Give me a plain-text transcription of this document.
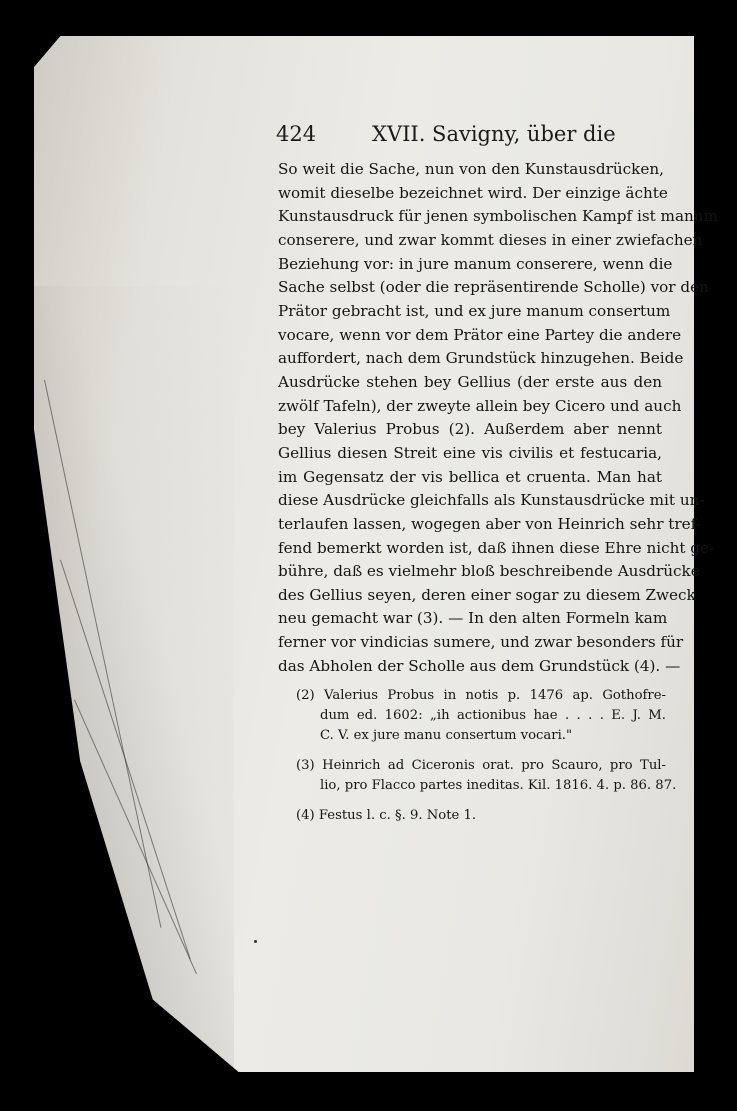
424	XVII. Savigny, über die
So weit die Sache, nun von den Kunstausdrücken,
womit dieselbe bezeichnet wird. Der einzige ächte
Kunstausdruck für jenen symbolischen Kampf ist manum
conserere, und zwar kommt dieses in einer zwiefachen
Beziehung vor: in jure manum conserere, wenn die
Sache selbst (oder die repräsentirende Scholle) vor den
Prätor gebracht ist, und ex jure manum consertum
vocare, wenn vor dem Prätor eine Partey die andere
auffordert, nach dem Grundstück hinzugehen. Beide
Ausdrücke stehen bey Gellius (der erste aus den
zwölf Tafeln), der zweyte allein bey Cicero und auch
bey Valerius Probus (2). Außerdem aber nennt
Gellius diesen Streit eine vis civilis et festucaria,
im Gegensatz der vis bellica et cruenta. Man hat
diese Ausdrücke gleichfalls als Kunstausdrücke mit un-
terlaufen lassen, wogegen aber von Heinrich sehr tref-
fend bemerkt worden ist, daß ihnen diese Ehre nicht ge-
bühre, daß es vielmehr bloß beschreibende Ausdrücke
des Gellius seyen, deren einer sogar zu diesem Zweck
neu gemacht war (3). — In den alten Formeln kam
ferner vor vindicias sumere, und zwar besonders für
das Abholen der Scholle aus dem Grundstück (4). —
(2) Valerius Probus in notis p. 1476 ap. Gothofre-
dum ed. 1602: „ih actionibus hae . . . . E. J. M.
C. V. ex jure manu consertum vocari."
(3) Heinrich ad Ciceronis orat. pro Scauro, pro Tul-
lio, pro Flacco partes ineditas. Kil. 1816. 4. p. 86. 87.
(4) Festus l. c. §. 9. Note 1.
